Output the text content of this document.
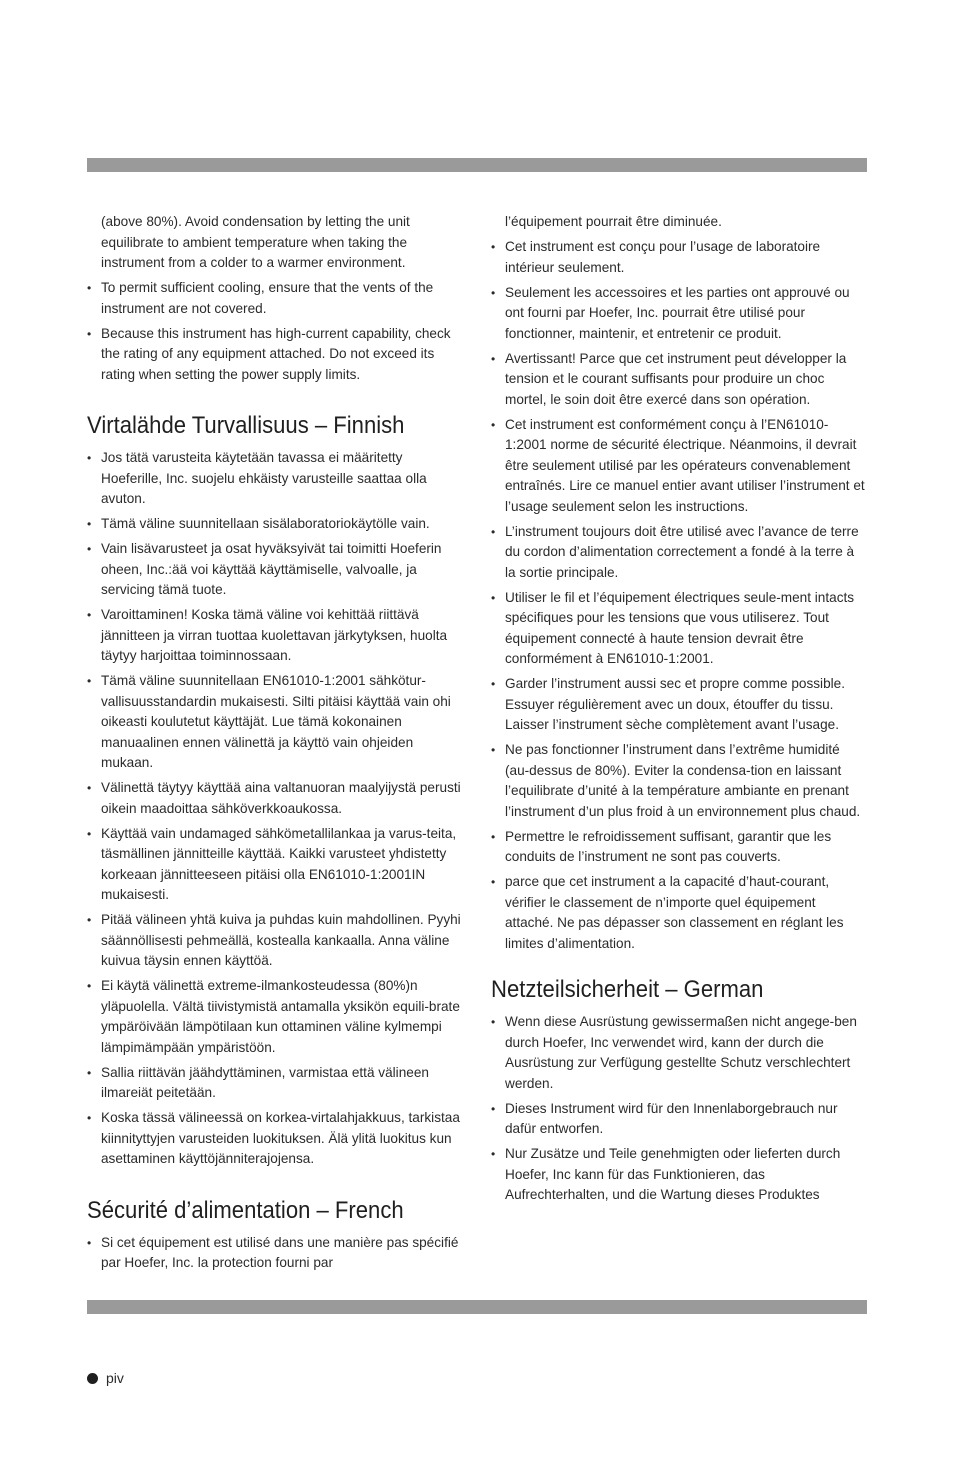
(above 80%). Avoid condensation by letting the unit equilibrate to ambient temperature when taking the instrument from a colder to a warmer environment.

• To permit sufficient cooling, ensure that the vents of the instrument are not covered.
• Because this instrument has high-current capability, check the rating of any equipment attached. Do not exceed its rating when setting the power supply limits.
Virtalähde Turvallisuus – Finnish
• Jos tätä varusteita käytetään tavassa ei määritetty Hoeferille, Inc. suojelu ehkäisty varusteille saattaa olla avuton.
• Tämä väline suunnitellaan sisälaboratoriokäytölle vain.
• Vain lisävarusteet ja osat hyväksyivät tai toimitti Hoeferin oheen, Inc.:ää voi käyttää käyttämiselle, valvoalle, ja servicing tämä tuote.
• Varoittaminen! Koska tämä väline voi kehittää riittävä jännitteen ja virran tuottaa kuolettavan järkytyksen, huolta täytyy harjoittaa toiminnossaan.
• Tämä väline suunnitellaan EN61010-1:2001 sähkötur-vallisuusstandardin mukaisesti. Silti pitäisi käyttää vain ohi oikeasti koulutetut käyttäjät. Lue tämä kokonainen manuaalinen ennen välinettä ja käyttö vain ohjeiden mukaan.
• Välinettä täytyy käyttää aina valtanuoran maalyijystä perusti oikein maadoittaa sähköverkkoaukossa.
• Käyttää vain undamaged sähkömetallilankaa ja varus-teita, täsmällinen jännitteille käyttää. Kaikki varusteet yhdistetty korkeaan jännitteeseen pitäisi olla EN61010-1:2001IN mukaisesti.
• Pitää välineen yhtä kuiva ja puhdas kuin mahdollinen. Pyyhi säännöllisesti pehmeällä, kostealla kankaalla. Anna väline kuivua täysin ennen käyttöä.
• Ei käytä välinettä extreme-ilmankosteudessa (80%)n yläpuolella. Vältä tiivistymistä antamalla yksikön equili-brate ympäröivään lämpötilaan kun ottaminen väline kylmempi lämpimämpään ympäristöön.
• Sallia riittävän jäähdyttäminen, varmistaa että välineen ilmareiät peitetään.
• Koska tässä välineessä on korkea-virtalahjakkuus, tarkistaa kiinnityttyjen varusteiden luokituksen. Älä ylitä luokitus kun asettaminen käyttöjänniterajojensa.
Sécurité d’alimentation – French
• Si cet équipement est utilisé dans une manière pas spécifié par Hoefer, Inc. la protection fourni par

l’équipement pourrait être diminuée.

• Cet instrument est conçu pour l’usage de laboratoire intérieur seulement.
• Seulement les accessoires et les parties ont approuvé ou ont fourni par Hoefer, Inc. pourrait être utilisé pour fonctionner, maintenir, et entretenir ce produit.
• Avertissant! Parce que cet instrument peut développer la tension et le courant suffisants pour produire un choc mortel, le soin doit être exercé dans son opération.
• Cet instrument est conformément conçu à l’EN61010-1:2001 norme de sécurité électrique. Néanmoins, il devrait être seulement utilisé par les opérateurs convenablement entraînés. Lire ce manuel entier avant utiliser l’instrument et l’usage seulement selon les instructions.
• L’instrument toujours doit être utilisé avec l’avance de terre du cordon d’alimentation correctement a fondé à la terre à la sortie principale.
• Utiliser le fil et l’équipement électriques seule-ment intacts spécifiques pour les tensions que vous utiliserez. Tout équipement connecté à haute tension devrait être conformément à EN61010-1:2001.
• Garder l’instrument aussi sec et propre comme possible. Essuyer régulièrement avec un doux, étouffer du tissu. Laisser l’instrument sèche complètement avant l’usage.
• Ne pas fonctionner l’instrument dans l’extrême humidité (au-dessus de 80%). Eviter la condensa-tion en laissant l’equilibrate d’unité à la température ambiante en prenant l’instrument d’un plus froid à un environnement plus chaud.
• Permettre le refroidissement suffisant, garantir que les conduits de l’instrument ne sont pas couverts.
• parce que cet instrument a la capacité d’haut-courant, vérifier le classement de n’importe quel équipement attaché. Ne pas dépasser son classement en réglant les limites d’alimentation.
Netzteilsicherheit – German
• Wenn diese Ausrüstung gewissermaßen nicht angege-ben durch Hoefer, Inc verwendet wird, kann der durch die Ausrüstung zur Verfügung gestellte Schutz verschlechtert werden.
• Dieses Instrument wird für den Innenlaborgebrauch nur dafür entworfen.
• Nur Zusätze und Teile genehmigten oder lieferten durch Hoefer, Inc kann für das Funktionieren, das Aufrechterhalten, und die Wartung dieses Produktes
piv
